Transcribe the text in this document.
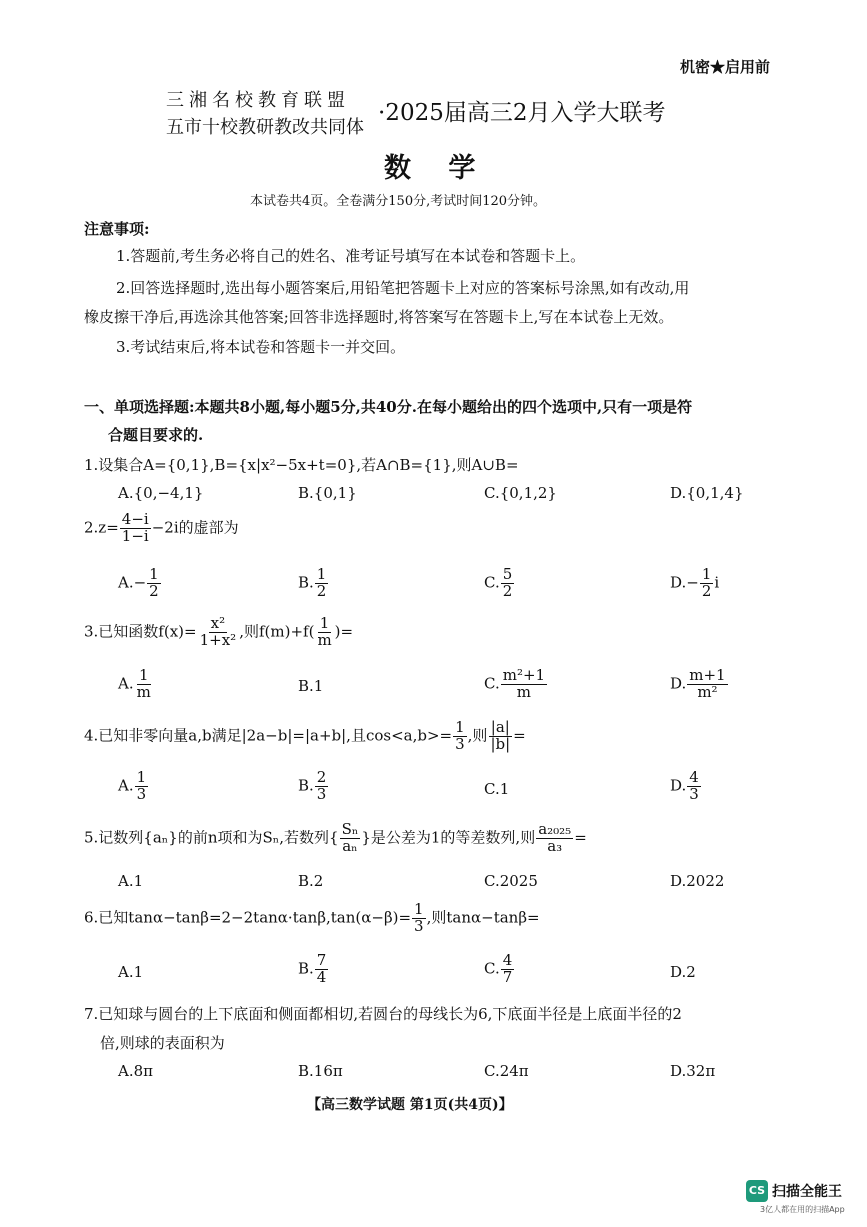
机密★启用前
三湘名校教育联盟
五市十校教研教改共同体
·2025届高三2月入学大联考
数 学
本试卷共4页。全卷满分150分,考试时间120分钟。
注意事项:
1.答题前,考生务必将自己的姓名、准考证号填写在本试卷和答题卡上。
2.回答选择题时,选出每小题答案后,用铅笔把答题卡上对应的答案标号涂黑,如有改动,用
橡皮擦干净后,再选涂其他答案;回答非选择题时,将答案写在答题卡上,写在本试卷上无效。
3.考试结束后,将本试卷和答题卡一并交回。
一、单项选择题:本题共8小题,每小题5分,共40分.在每小题给出的四个选项中,只有一项是符
合题目要求的.
1.设集合A={0,1},B={x|x²−5x+t=0},若A∩B={1},则A∪B=
A.{0,−4,1}	B.{0,1}	C.{0,1,2}	D.{0,1,4}
$2.z= \frac{4-i}{1-i} -2i$的虚部为
$A.- \frac{1}{2}$	B. $\frac{1}{2}$	C. $\frac{5}{2}$	$D.- \frac{1}{2}$ i
3.已知函数$f(x)= \frac{\text{x²}}{\text{1+x²}}$ ,则$f(m)+f( \frac{1}{m}$ )=
A. $\frac{1}{m}$	B.1	C. $\frac{\text{m²+1}}{m}$	D. $\frac{m+1}{\text{m²}}$
4.已知非零向量a,b满足|2a−b|=|a+b|,且$\cos<a,b>= \frac{1}{3}$ ,则 $\frac{|a|}{|b|}$ =
A. $\frac{1}{3}$	B. $\frac{2}{3}$	C.1	D. $\frac{4}{3}$
5.记数列{aₙ}的前n项和为Sₙ,若数列{ $\frac{\text{Sₙ}}{\text{aₙ}}$ }是公差为1的等差数列,则 $\frac{\text{a₂₀₂₅}}{\text{a₃}}$ =
A.1	B.2	C.2025	D.2022
6.已知$\tan\alpha-\tan\beta=2-2\tan\alpha\cdot\tan\beta,\tan(\alpha-\beta)= \frac{1}{3}$ ,则tanα−tanβ=
A.1	B. $\frac{7}{4}$	C. $\frac{4}{7}$	D.2
7.已知球与圆台的上下底面和侧面都相切,若圆台的母线长为6,下底面半径是上底面半径的2
倍,则球的表面积为
A.8π	B.16π	C.24π	D.32π
【高三数学试题 第1页(共4页)】
CS 扫描全能王
3亿人都在用的扫描App
